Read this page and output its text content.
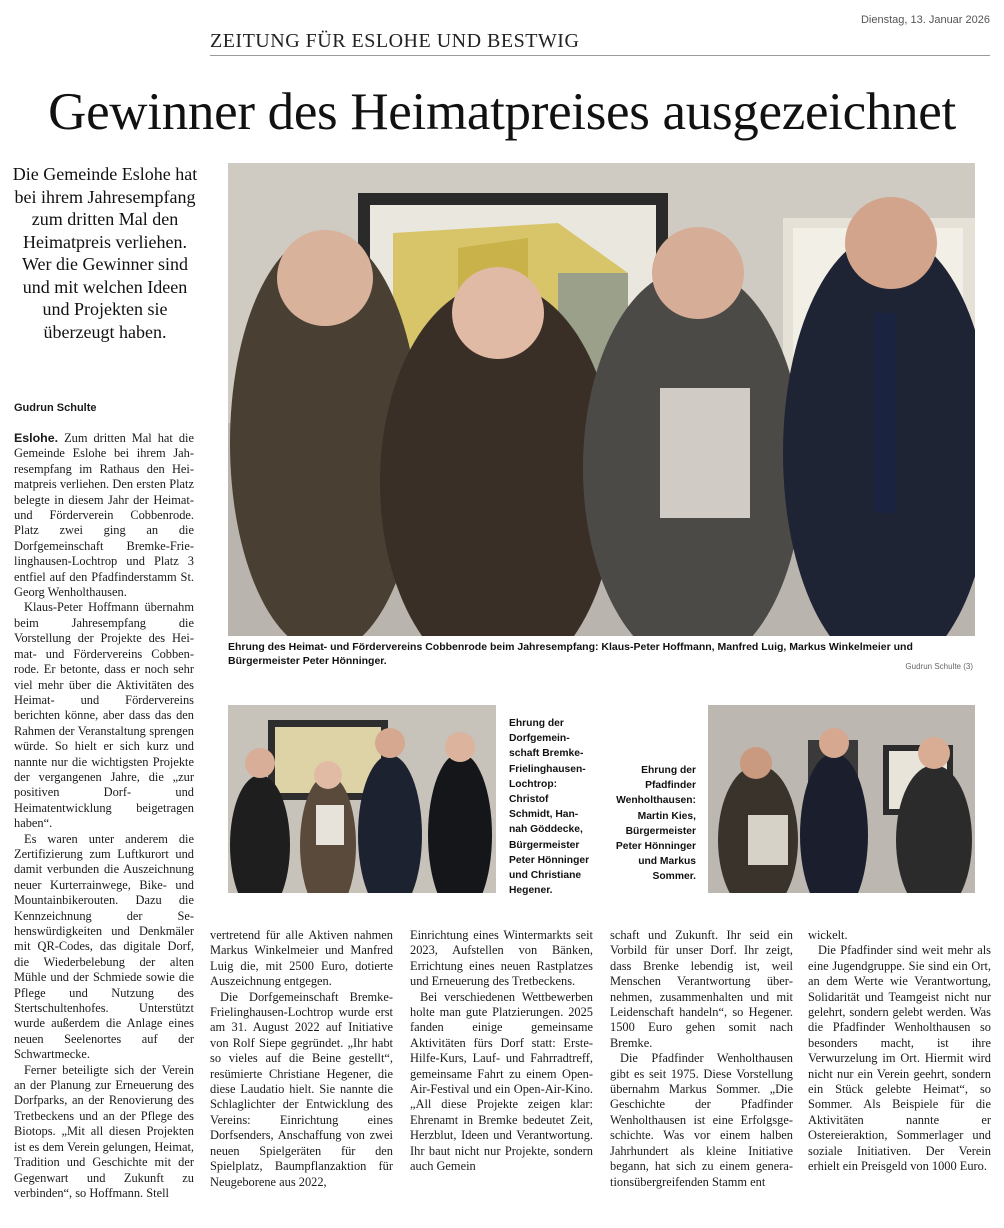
Dienstag, 13. Januar 2026
ZEITUNG FÜR ESLOHE UND BESTWIG
Gewinner des Heimatpreises ausgezeichnet
Die Gemeinde Eslohe hat bei ihrem Jahresempfang zum dritten Mal den Heimatpreis verliehen. Wer die Gewinner sind und mit welchen Ideen und Projekten sie überzeugt haben.
Gudrun Schulte

Eslohe. Zum dritten Mal hat die Gemeinde Eslohe bei ihrem Jahresempfang im Rathaus den Heimatpreis verliehen. Den ersten Platz belegte in diesem Jahr der Heimat- und Förderverein Cobbenrode. Platz zwei ging an die Dorfgemeinschaft Bremke-Frielinghausen-Lochtrop und Platz 3 entfiel auf den Pfadfinderstamm St. Georg Wenholthausen.

Klaus-Peter Hoffmann übernahm beim Jahresempfang die Vorstellung der Projekte des Heimat- und Fördervereins Cobbenrode. Er betonte, dass er noch sehr viel mehr über die Aktivitäten des Heimat- und Fördervereins berichten könne, aber dass das den Rahmen der Veranstaltung sprengen würde. So hielt er sich kurz und nannte nur die wichtigsten Projekte der vergangenen Jahre, die „zur positiven Dorf- und Heimatentwicklung beigetragen haben“.

Es waren unter anderem die Zertifizierung zum Luftkurort und damit verbunden die Auszeichnung neuer Kurterrainwege, Bike- und Mountainbikerouten. Dazu die Kennzeichnung der Sehenswürdigkeiten und Denkmäler mit QR-Codes, das digitale Dorf, die Wiederbelebung der alten Mühle und der Schmiede sowie die Pflege und Nutzung des Stertschultenhofes. Unterstützt wurde außerdem die Anlage eines neuen Seelenortes auf der Schwartmecke.

Ferner beteiligte sich der Verein an der Planung zur Erneuerung des Dorfparks, an der Renovierung des Tretbeckens und an der Pflege des Biotops. „Mit all diesen Projekten ist es dem Verein gelungen, Heimat, Tradition und Geschichte mit der Gegenwart und Zukunft zu verbinden“, so Hoffmann. Stell

Ehrung des Heimat- und Fördervereins Cobbenrode beim Jahresempfang: Klaus-Peter Hoffmann, Manfred Luig, Markus Winkelmeier und Bürgermeister Peter Hönninger.	Gudrun Schulte (3)
Ehrung der Dorfgemeinschaft Bremke-Frielinghausen-Lochtrop: Christof Schmidt, Hannah Göddecke, Bürgermeister Peter Hönninger und Christiane Hegener.
Ehrung der Pfadfinder Wenholthausen: Martin Kies, Bürgermeister Peter Hönninger und Markus Sommer.

vertretend für alle Aktiven nahmen Markus Winkelmeier und Manfred Luig die, mit 2500 Euro, dotierte Auszeichnung entgegen.

Die Dorfgemeinschaft Bremke-Frielinghausen-Lochtrop wurde erst am 31. August 2022 auf Initiative von Rolf Siepe gegründet. „Ihr habt so vieles auf die Beine gestellt“, resümierte Christiane Hegener, die diese Laudatio hielt. Sie nannte die Schlaglichter der Entwicklung des Vereins: Einrichtung eines Dorfsenders, Anschaffung von zwei neuen Spielgeräten für den Spielplatz, Baumpflanzaktion für Neugeborene aus 2022,

Einrichtung eines Wintermarkts seit 2023, Aufstellen von Bänken, Errichtung eines neuen Rastplatzes und Erneuerung des Tretbeckens.

Bei verschiedenen Wettbewerben holte man gute Platzierungen. 2025 fanden einige gemeinsame Aktivitäten fürs Dorf statt: Erste-Hilfe-Kurs, Lauf- und Fahrradtreff, gemeinsame Fahrt zu einem Open-Air-Festival und ein Open-Air-Kino. „All diese Projekte zeigen klar: Ehrenamt in Bremke bedeutet Zeit, Herzblut, Ideen und Verantwortung. Ihr baut nicht nur Projekte, sondern auch Gemein

schaft und Zukunft. Ihr seid ein Vorbild für unser Dorf. Ihr zeigt, dass Brenke lebendig ist, weil Menschen Verantwortung übernehmen, zusammenhalten und mit Leidenschaft handeln“, so Hegener. 1500 Euro gehen somit nach Bremke.

Die Pfadfinder Wenholthausen gibt es seit 1975. Diese Vorstellung übernahm Markus Sommer. „Die Geschichte der Pfadfinder Wenholthausen ist eine Erfolgsgeschichte. Was vor einem halben Jahrhundert als kleine Initiative begann, hat sich zu einem generationsübergreifenden Stamm ent

wickelt.

Die Pfadfinder sind weit mehr als eine Jugendgruppe. Sie sind ein Ort, an dem Werte wie Verantwortung, Solidarität und Teamgeist nicht nur gelehrt, sondern gelebt werden. Was die Pfadfinder Wenholthausen so besonders macht, ist ihre Verwurzelung im Ort. Hiermit wird nicht nur ein Verein geehrt, sondern ein Stück gelebte Heimat“, so Sommer. Als Beispiele für die Aktivitäten nannte er Ostereieraktion, Sommerlager und soziale Initiativen. Der Verein erhielt ein Preisgeld von 1000 Euro.
